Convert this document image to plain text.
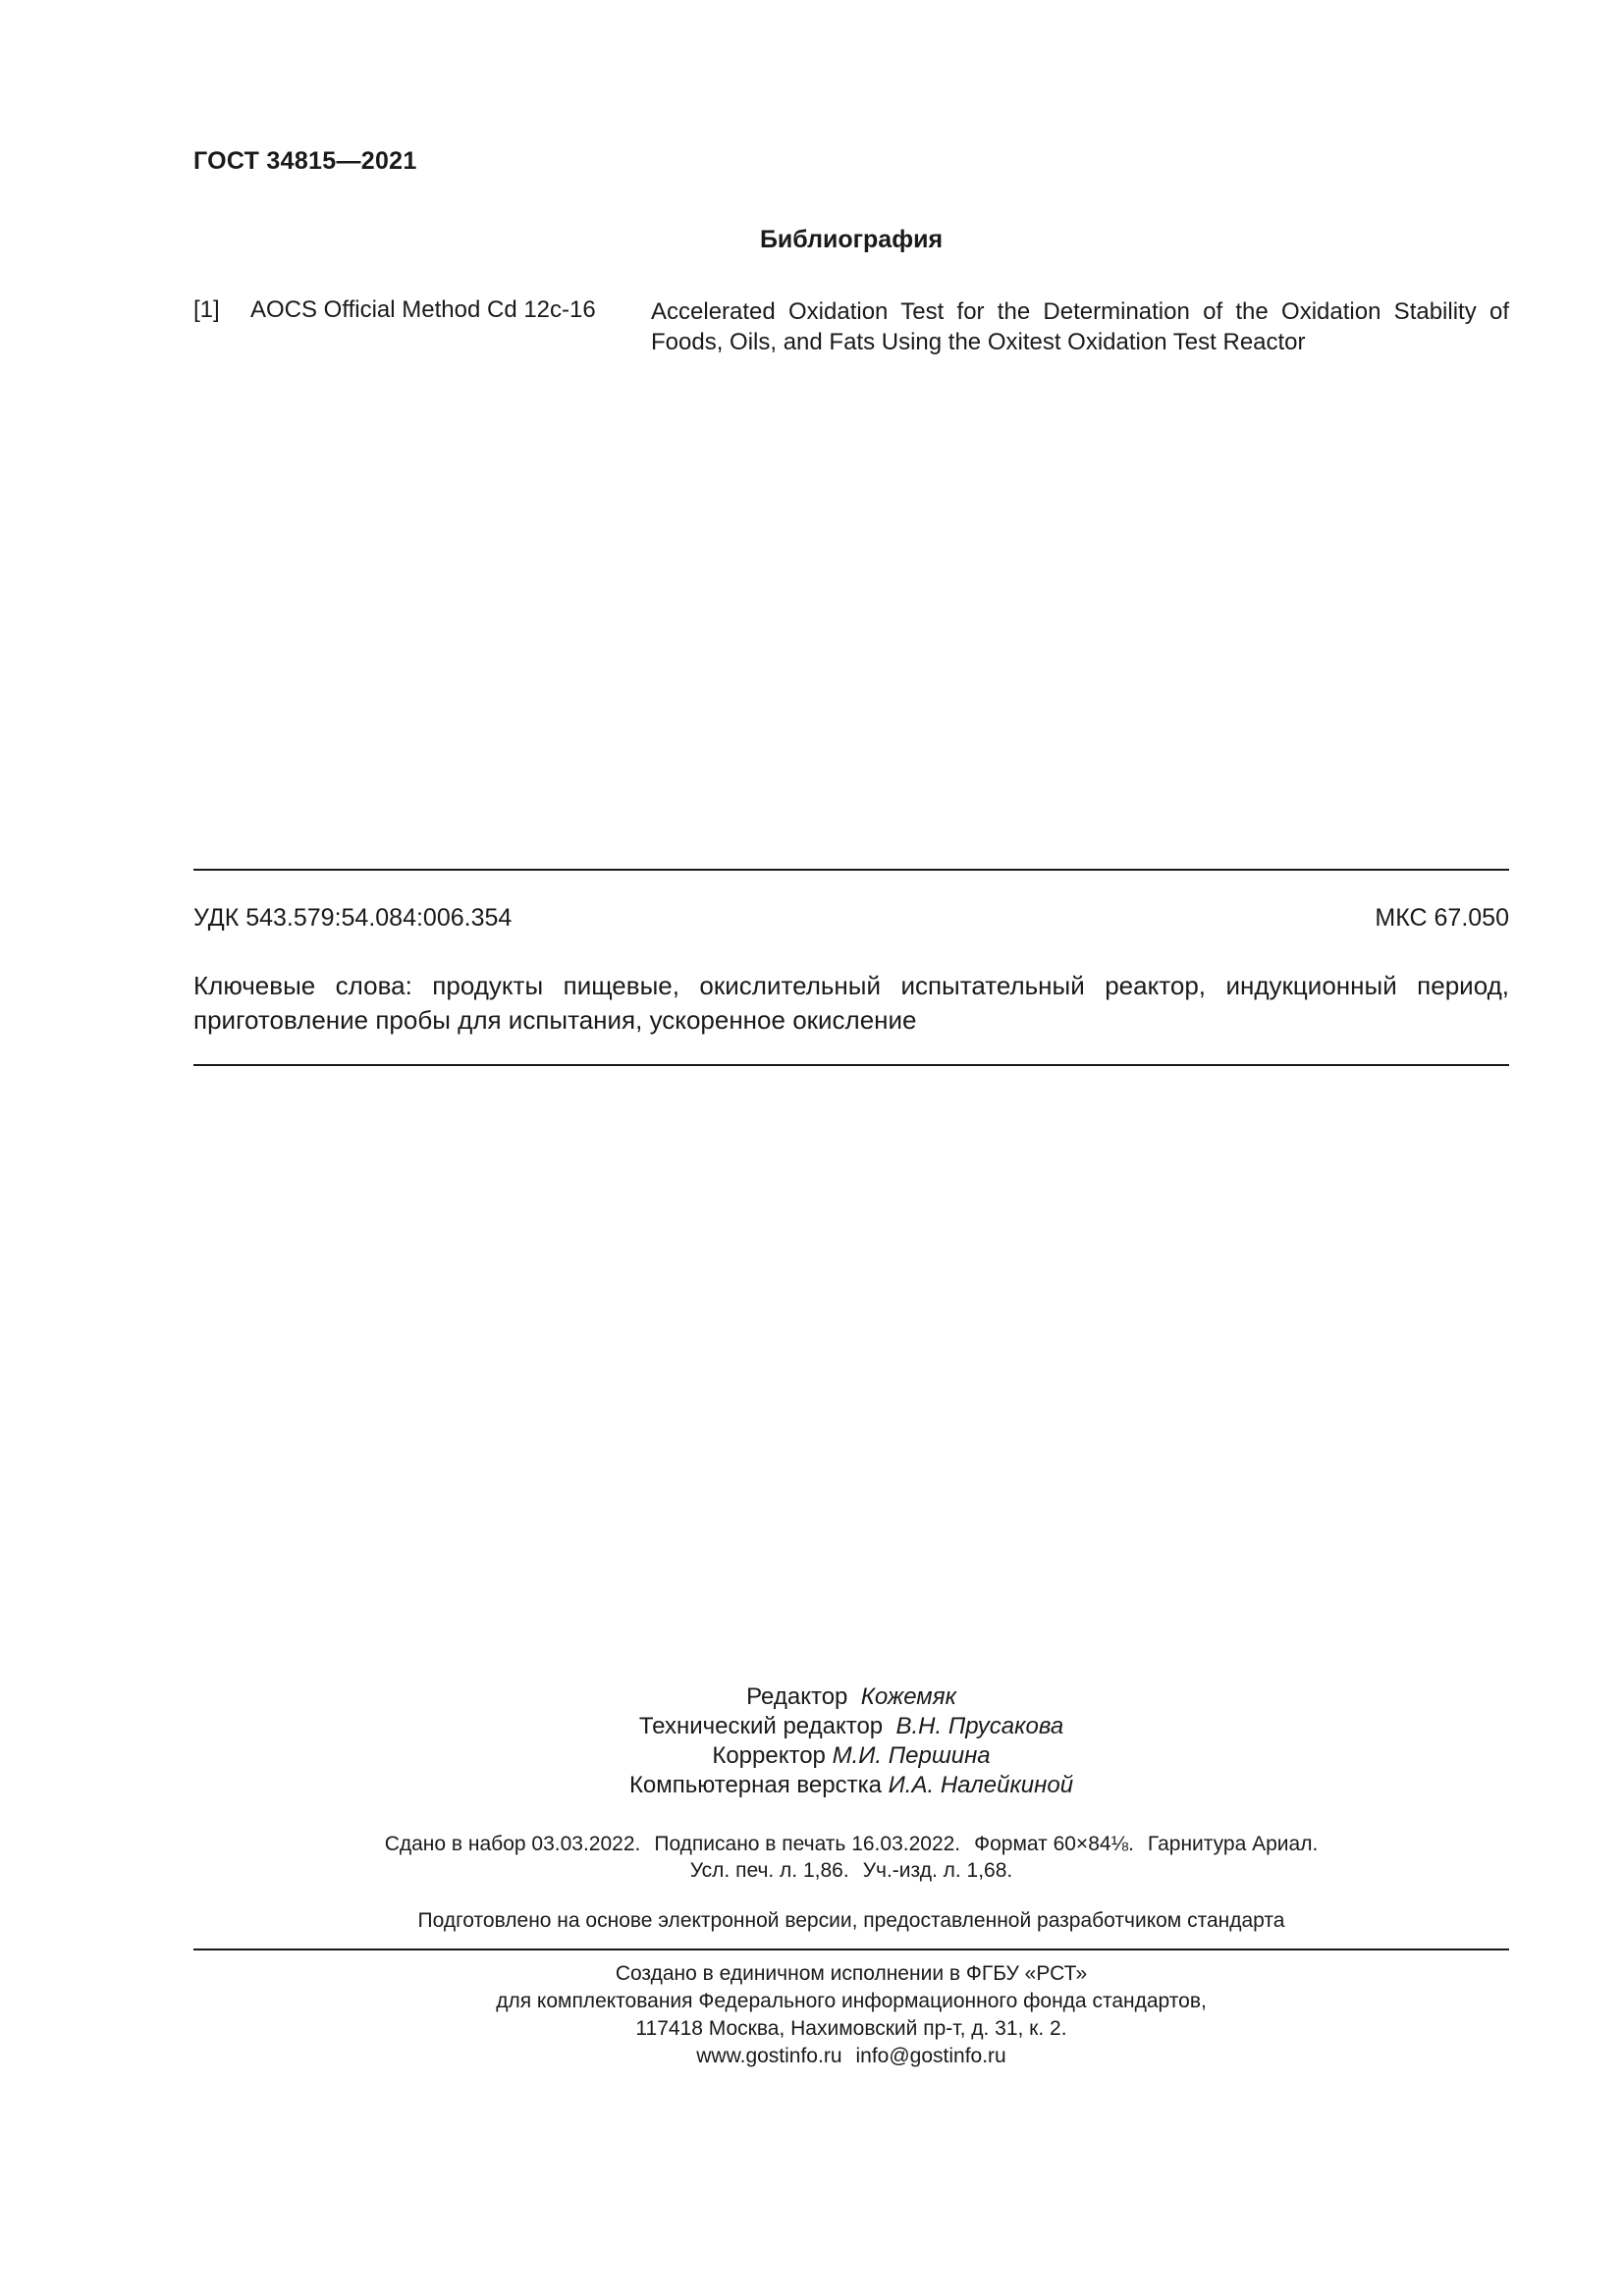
ГОСТ 34815—2021
Библиография
[1] AOCS Official Method Cd 12c-16 Accelerated Oxidation Test for the Determination of the Oxidation Stability of Foods, Oils, and Fats Using the Oxitest Oxidation Test Reactor
УДК 543.579:54.084:006.354	МКС 67.050
Ключевые слова: продукты пищевые, окислительный испытательный реактор, индукционный период, приготовление пробы для испытания, ускоренное окисление
Редактор Кожемяк
Технический редактор В.Н. Прусакова
Корректор М.И. Першина
Компьютерная верстка И.А. Налейкиной
Сдано в набор 03.03.2022. Подписано в печать 16.03.2022. Формат 60×84⅛. Гарнитура Ариал.
Усл. печ. л. 1,86. Уч.-изд. л. 1,68.
Подготовлено на основе электронной версии, предоставленной разработчиком стандарта
Создано в единичном исполнении в ФГБУ «РСТ»
для комплектования Федерального информационного фонда стандартов,
117418 Москва, Нахимовский пр-т, д. 31, к. 2.
www.gostinfo.ru info@gostinfo.ru
